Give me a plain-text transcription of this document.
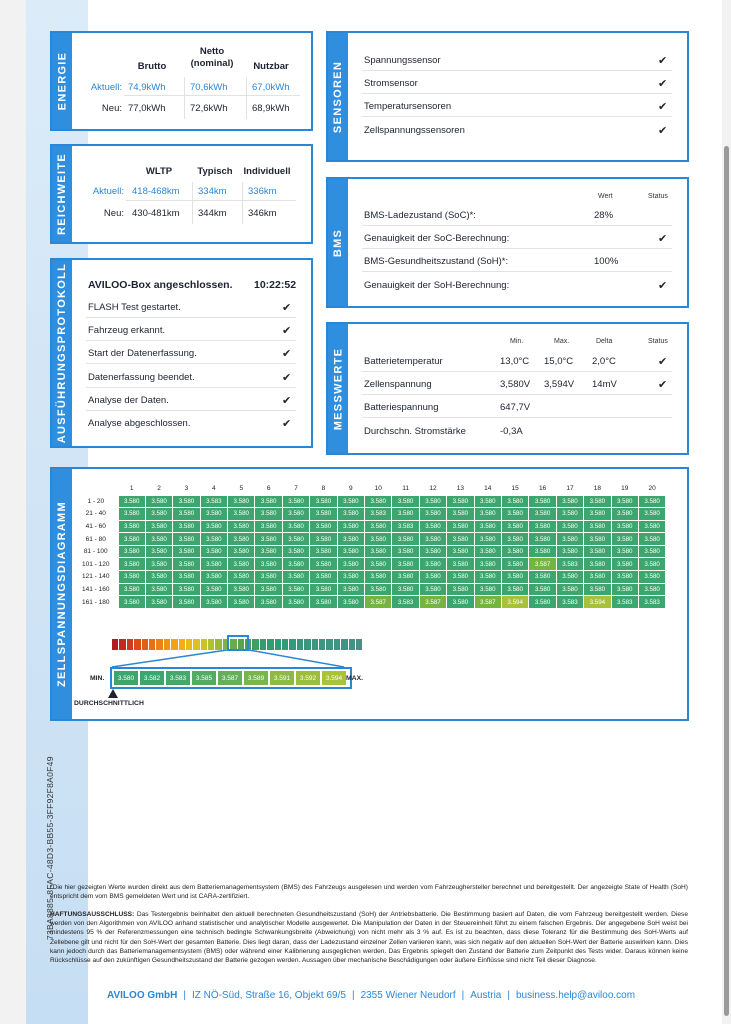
73BA8885-8FAC-48D3-BB55-3FF92F8A0F49
ENERGIE	Brutto
Netto
(nominal)	Nutzbar
Aktuell: 74,9kWh	70,6kWh	67,0kWh
Neu: 77,0kWh	72,6kWh	68,9kWh
REICHWEITE	WLTP	Typisch	Individuell
Aktuell: 418-468km 334km 336km
Neu: 430-481km 344km 346km
AUSFÜHRUNGSPROTOKOLL AVILOO-Box angeschlossen. 10:22:52
FLASH Test gestartet.	✔
Fahrzeug erkannt.	✔
Start der Datenerfassung.	✔
Datenerfassung beendet.	✔
Analyse der Daten.	✔
Analyse abgeschlossen.	✔
SENSOREN Spannungssensor	✔
Stromsensor	✔
Temperatursensoren	✔
Zellspannungssensoren	✔
BMS
Wert	Status
BMS-Ladezustand (SoC)*:	28%
Genauigkeit der SoC-Berechnung:	✔
BMS-Gesundheitszustand (SoH)*:	100%
Genauigkeit der SoH-Berechnung:	✔
MESSWERTE
Min.	Max.	Delta	Status
Batterietemperatur	13,0°C 15,0°C 2,0°C	✔
Zellenspannung	3,580V 3,594V 14mV	✔
Batteriespannung	647,7V
Durchschn. Stromstärke	-0,3A
ZELLSPANNUNGSDIAGRAMM
	1	2	3	4	5	6	7	8	9	10	11	12	13	14	15	16	17	18	19	20
1 - 20	3.580	3.580	3.580	3.583	3.580	3.580	3.580	3.580	3.580	3.580	3.580	3.580	3.580	3.580	3.580	3.580	3.580	3.580	3.580	3.580
21 - 40	3.580	3.580	3.580	3.580	3.580	3.580	3.580	3.580	3.580	3.583	3.580	3.580	3.580	3.580	3.580	3.580	3.580	3.580	3.580	3.580
41 - 60	3.580	3.580	3.580	3.580	3.580	3.580	3.580	3.580	3.580	3.580	3.583	3.580	3.580	3.580	3.580	3.580	3.580	3.580	3.580	3.580
61 - 80	3.580	3.580	3.580	3.580	3.580	3.580	3.580	3.580	3.580	3.580	3.580	3.580	3.580	3.580	3.580	3.580	3.580	3.580	3.580	3.580
81 - 100	3.580	3.580	3.580	3.580	3.580	3.580	3.580	3.580	3.580	3.580	3.580	3.580	3.580	3.580	3.580	3.580	3.580	3.580	3.580	3.580
101 - 120	3.580	3.580	3.580	3.580	3.580	3.580	3.580	3.580	3.580	3.580	3.580	3.580	3.580	3.580	3.580	3.587	3.583	3.580	3.580	3.580
121 - 140	3.580	3.580	3.580	3.580	3.580	3.580	3.580	3.580	3.580	3.580	3.580	3.580	3.580	3.580	3.580	3.580	3.580	3.580	3.580	3.580
141 - 160	3.580	3.580	3.580	3.580	3.580	3.580	3.580	3.580	3.580	3.580	3.580	3.580	3.580	3.580	3.580	3.580	3.580	3.580	3.580	3.580
161 - 180	3.580	3.580	3.580	3.580	3.580	3.580	3.580	3.580	3.580	3.587	3.583	3.587	3.580	3.587	3.594	3.580	3.583	3.594	3.583	3.583
MIN.	3.580	3.582	3.583	3.585	3.587	3.589	3.591	3.592	3.594 MAX.
DURCHSCHNITTLICH
*Die hier gezeigten Werte wurden direkt aus dem Batteriemanagementsystem (BMS) des Fahrzeugs ausgelesen und werden vom Fahrzeughersteller berechnet und bereitgestellt. Der angezeigte State of Health (SoH) entspricht dem vom BMS gemeldeten Wert und ist CARA-zertifiziert.
HAFTUNGSAUSSCHLUSS: Das Testergebnis beinhaltet den aktuell berechneten Gesundheitszustand (SoH) der Antriebsbatterie. Die Bestimmung basiert auf Daten, die vom Fahrzeug bereitgestellt werden. Diese werden von den Algorithmen von AVILOO anhand statistischer und analytischer Modelle ausgewertet. Die Manipulation der Daten in der Steuereinheit führt zu einem falschen Ergebnis. Der angegebene SoH weist bei mindestens 95 % der Referenzmessungen eine technisch bedingte Schwankungsbreite (Abweichung) von nicht mehr als 3 % auf. Es ist zu beachten, dass diese Toleranz für die Bestimmung des SoH-Werts auf Zellebene gilt und nicht für den SoH-Wert der gesamten Batterie. Dies liegt daran, dass der Ladezustand einzelner Zellen variieren kann, was sich negativ auf den aktuellen SoH-Wert der Batterie auswirken kann. Dies kann jedoch durch das Batteriemanagementsystem (BMS) oder während einer Kalibrierung ausgeglichen werden. Das Ergebnis spiegelt den Zustand der Batterie zum Zeitpunkt des Tests wider. Daraus können keine Rückschlüsse auf den zukünftigen Gesundheitszustand der Batterie gezogen werden. Aussagen über mechanische Beschädigungen oder äußere Einflüsse sind nicht Teil dieser Diagnose.
AVILOO GmbH | IZ NÖ-Süd, Straße 16, Objekt 69/5 | 2355 Wiener Neudorf | Austria | business.help@aviloo.com
